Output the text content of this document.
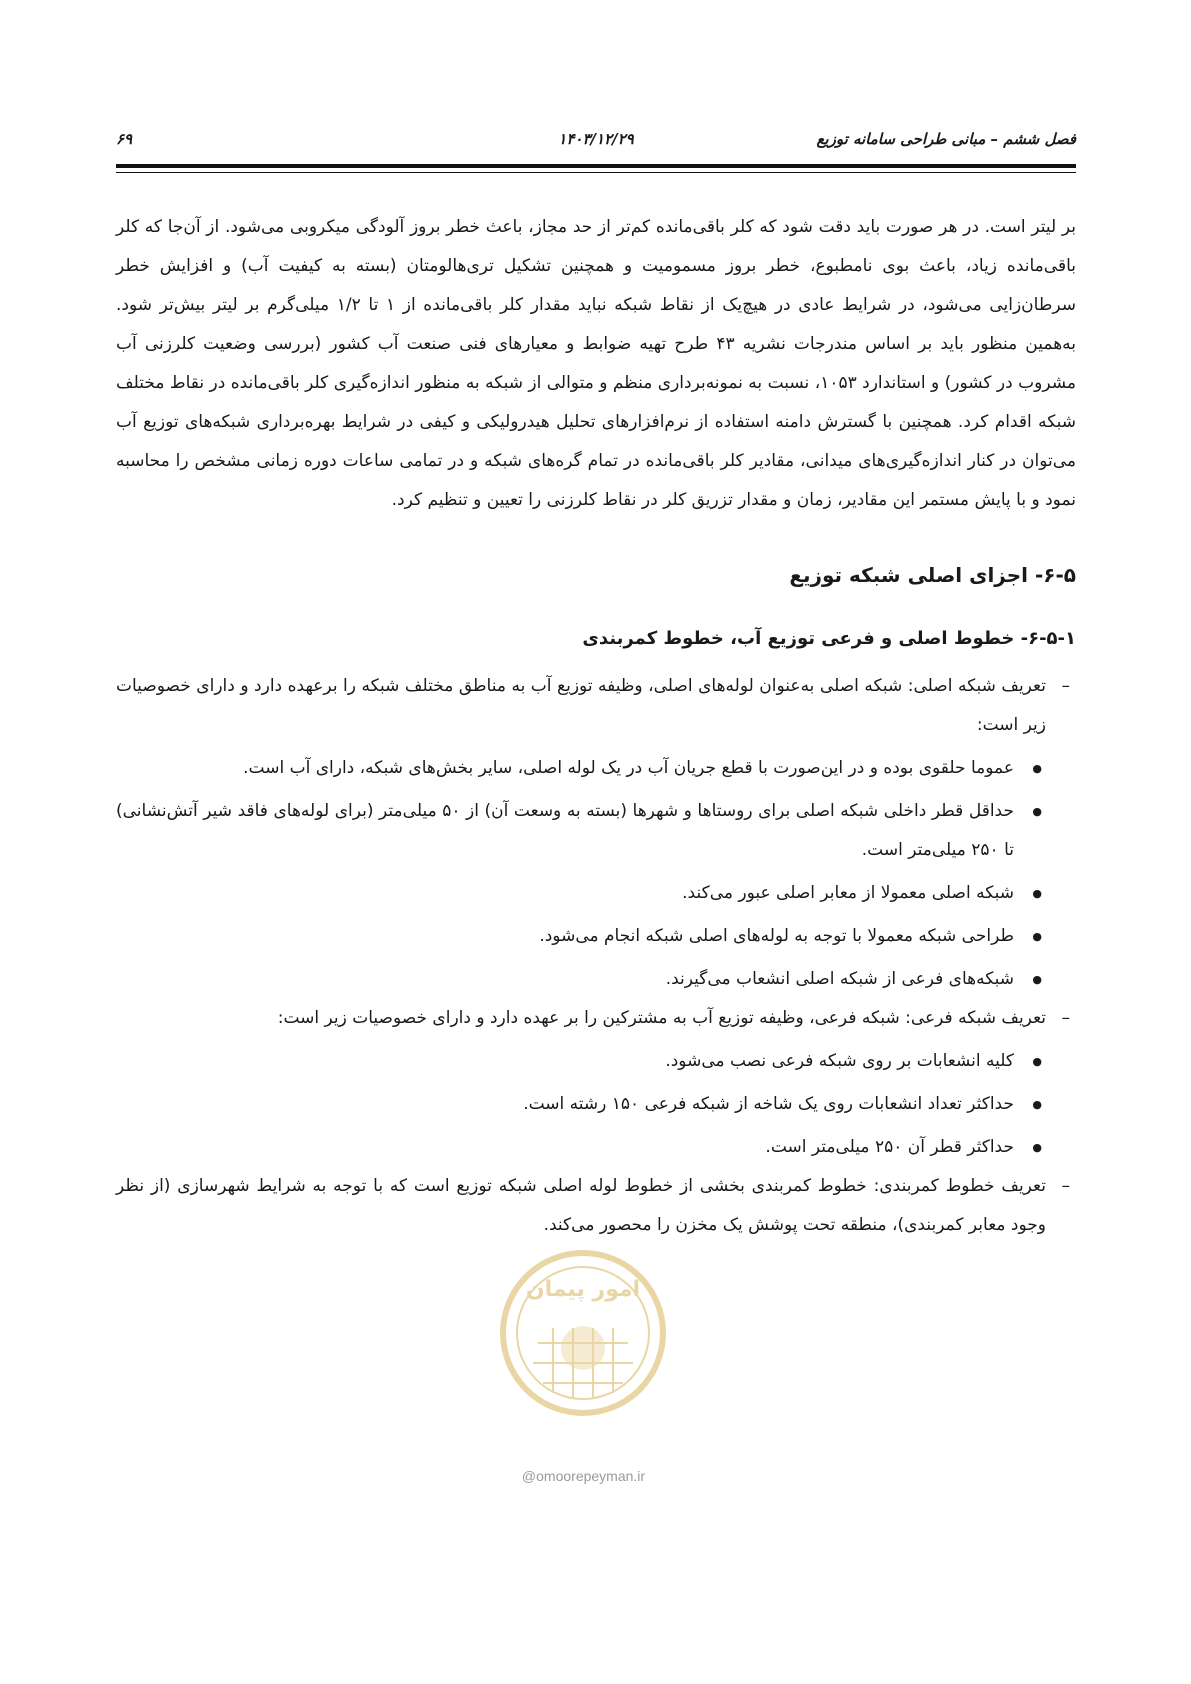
فصل ششم – مبانی طراحی سامانه توزیع
۱۴۰۳/۱۲/۲۹
۶۹

بر لیتر است. در هر صورت باید دقت شود که کلر باقی‌مانده کم‌تر از حد مجاز، باعث خطر بروز آلودگی میکروبی می‌شود. از آن‌جا که کلر باقی‌مانده زیاد، باعث بوی نامطبوع، خطر بروز مسمومیت و همچنین تشکیل تری‌هالومتان (بسته به کیفیت آب) و افزایش خطر سرطان‌زایی می‌شود، در شرایط عادی در هیچ‌یک از نقاط شبکه نباید مقدار کلر باقی‌مانده از ۱ تا ۱/۲ میلی‌گرم بر لیتر بیش‌تر شود. به‌همین منظور باید بر اساس مندرجات نشریه ۴۳ طرح تهیه ضوابط و معیارهای فنی صنعت آب کشور (بررسی وضعیت کلرزنی آب مشروب در کشور) و استاندارد ۱۰۵۳، نسبت به نمونه‌برداری منظم و متوالی از شبکه به منظور اندازه‌گیری کلر باقی‌مانده در نقاط مختلف شبکه اقدام کرد. همچنین با گسترش دامنه استفاده از نرم‌افزارهای تحلیل هیدرولیکی و کیفی در شرایط بهره‌برداری شبکه‌های توزیع آب می‌توان در کنار اندازه‌گیری‌های میدانی، مقادیر کلر باقی‌مانده در تمام گره‌های شبکه و در تمامی ساعات دوره زمانی مشخص را محاسبه نمود و با پایش مستمر این مقادیر، زمان و مقدار تزریق کلر در نقاط کلرزنی را تعیین و تنظیم کرد.

۶-۵- اجزای اصلی شبکه توزیع
۶-۵-۱- خطوط اصلی و فرعی توزیع آب، خطوط کمربندی
– تعریف شبکه اصلی: شبکه اصلی به‌عنوان لوله‌های اصلی، وظیفه توزیع آب به مناطق مختلف شبکه را برعهده دارد و دارای خصوصیات زیر است:
● عموما حلقوی بوده و در این‌صورت با قطع جریان آب در یک لوله اصلی، سایر بخش‌های شبکه، دارای آب است.
● حداقل قطر داخلی شبکه اصلی برای روستاها و شهرها (بسته به وسعت آن) از ۵۰ میلی‌متر (برای لوله‌های فاقد شیر آتش‌نشانی) تا ۲۵۰ میلی‌متر است.
● شبکه اصلی معمولا از معابر اصلی عبور می‌کند.
● طراحی شبکه معمولا با توجه به لوله‌های اصلی شبکه انجام می‌شود.
● شبکه‌های فرعی از شبکه اصلی انشعاب می‌گیرند.
– تعریف شبکه فرعی: شبکه فرعی، وظیفه توزیع آب به مشترکین را بر عهده دارد و دارای خصوصیات زیر است:
● کلیه انشعابات بر روی شبکه فرعی نصب می‌شود.
● حداکثر تعداد انشعابات روی یک شاخه از شبکه فرعی ۱۵۰ رشته است.
● حداکثر قطر آن ۲۵۰ میلی‌متر است.
– تعریف خطوط کمربندی: خطوط کمربندی بخشی از خطوط لوله اصلی شبکه توزیع است که با توجه به شرایط شهرسازی (از نظر وجود معابر کمربندی)، منطقه تحت پوشش یک مخزن را محصور می‌کند.
امور پیمان
@omoorepeyman.ir
